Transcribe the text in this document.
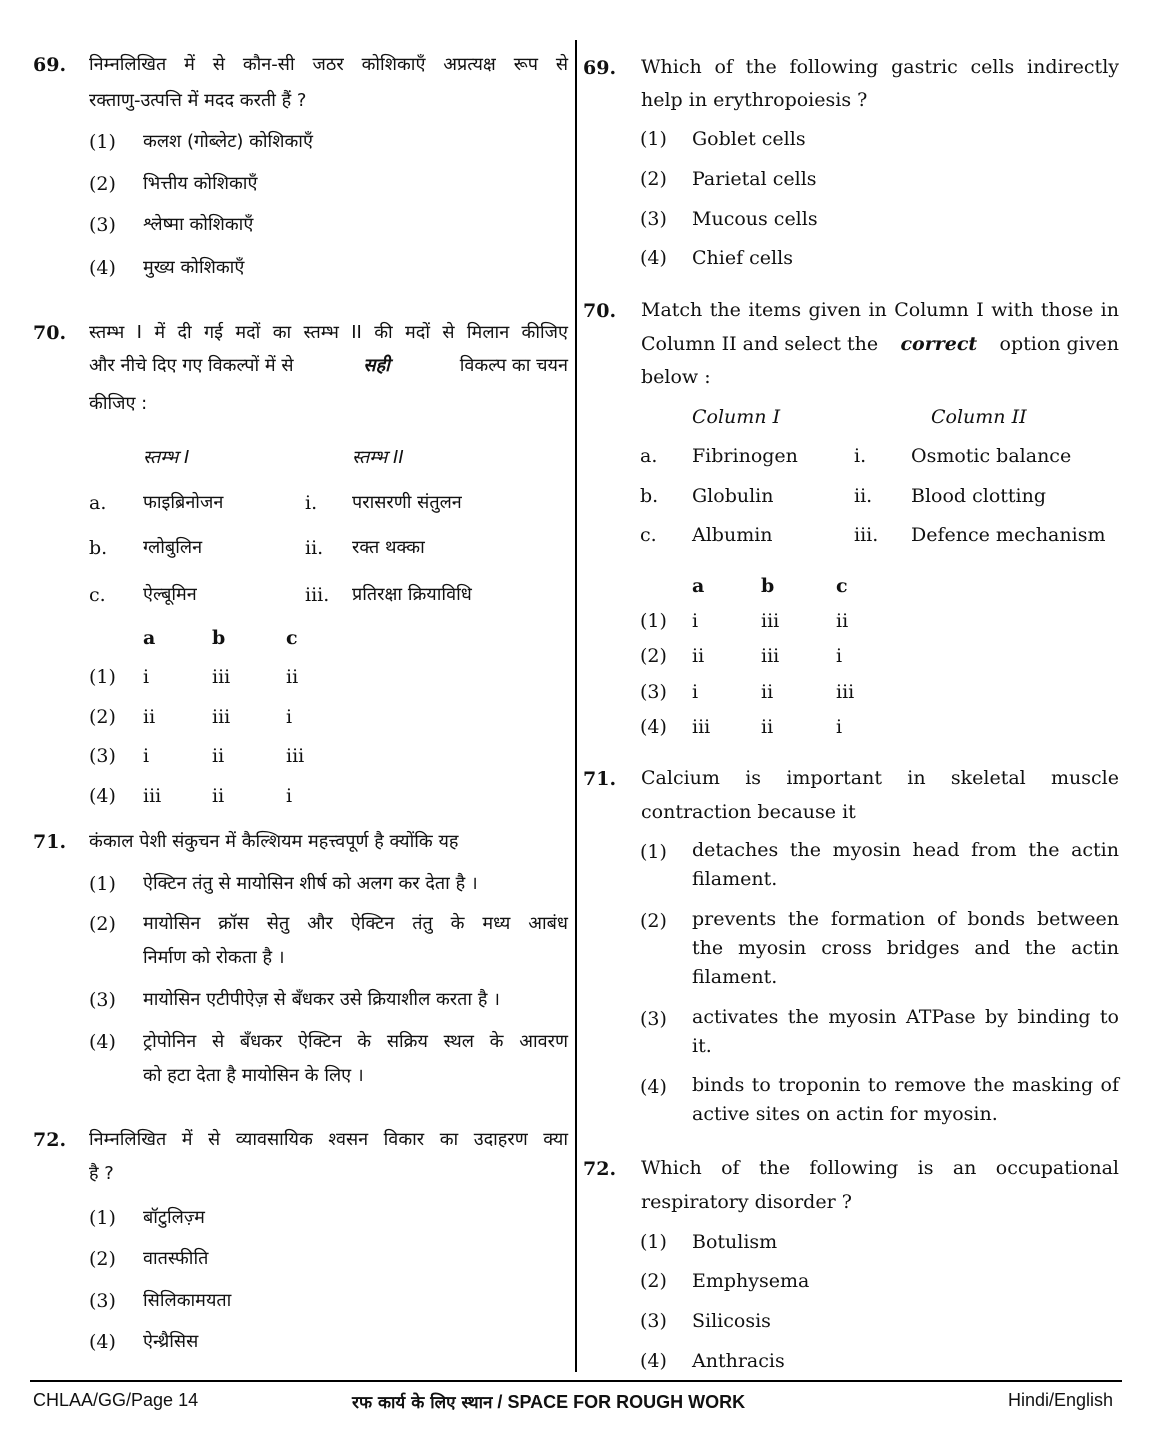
69. निम्नलिखित में से कौन-सी जठर कोशिकाएँ अप्रत्यक्ष रूप से
रक्ताणु-उत्पत्ति में मदद करती हैं ?
(1) कलश (गोब्लेट) कोशिकाएँ
(2) भित्तीय कोशिकाएँ
(3) श्लेष्मा कोशिकाएँ
(4) मुख्य कोशिकाएँ
70. स्तम्भ I में दी गई मदों का स्तम्भ II की मदों से मिलान कीजिए
और नीचे दिए गए विकल्पों में से	सही	विकल्प का चयन
कीजिए :
स्तम्भ I	स्तम्भ II
a. फाइब्रिनोजन	i. परासरणी संतुलन
b. ग्लोबुलिन	ii. रक्त थक्का
c. ऐल्बूमिन	iii. प्रतिरक्षा क्रियाविधि
a	b	c
(1) i	iii	ii
(2) ii	iii	i
(3) i	ii	iii
(4) iii	ii	i
71. कंकाल पेशी संकुचन में कैल्शियम महत्त्वपूर्ण है क्योंकि यह
(1) ऐक्टिन तंतु से मायोसिन शीर्ष को अलग कर देता है ।
(2) मायोसिन क्रॉस सेतु और ऐक्टिन तंतु के मध्य आबंध
निर्माण को रोकता है ।
(3) मायोसिन एटीपीऐज़ से बँधकर उसे क्रियाशील करता है ।
(4) ट्रोपोनिन से बँधकर ऐक्टिन के सक्रिय स्थल के आवरण
को हटा देता है मायोसिन के लिए ।
72. निम्नलिखित में से व्यावसायिक श्वसन विकार का उदाहरण क्या
है ?
(1) बॉटुलिज़्म
(2) वातस्फीति
(3) सिलिकामयता
(4) ऐन्थ्रैसिस
69. Which of the following gastric cells indirectly
help in erythropoiesis ?
(1) Goblet cells
(2) Parietal cells
(3) Mucous cells
(4) Chief cells
70. Match the items given in Column I with those in
Column II and select the correct option given
below :
Column I	Column II
a. Fibrinogen	i. Osmotic balance
b. Globulin	ii. Blood clotting
c. Albumin	iii. Defence mechanism
a	b	c
(1) i	iii	ii
(2) ii	iii	i
(3) i	ii	iii
(4) iii	ii	i
71. Calcium is important in skeletal muscle
contraction because it
(1) detaches the myosin head from the actin filament.
(2) prevents the formation of bonds between the myosin cross bridges and the actin filament.
(3) activates the myosin ATPase by binding to it.
(4) binds to troponin to remove the masking of active sites on actin for myosin.
72. Which of the following is an occupational
respiratory disorder ?
(1) Botulism
(2) Emphysema
(3) Silicosis
(4) Anthracis
CHLAA/GG/Page 14	रफ कार्य के लिए स्थान / SPACE FOR ROUGH WORK	Hindi/English
